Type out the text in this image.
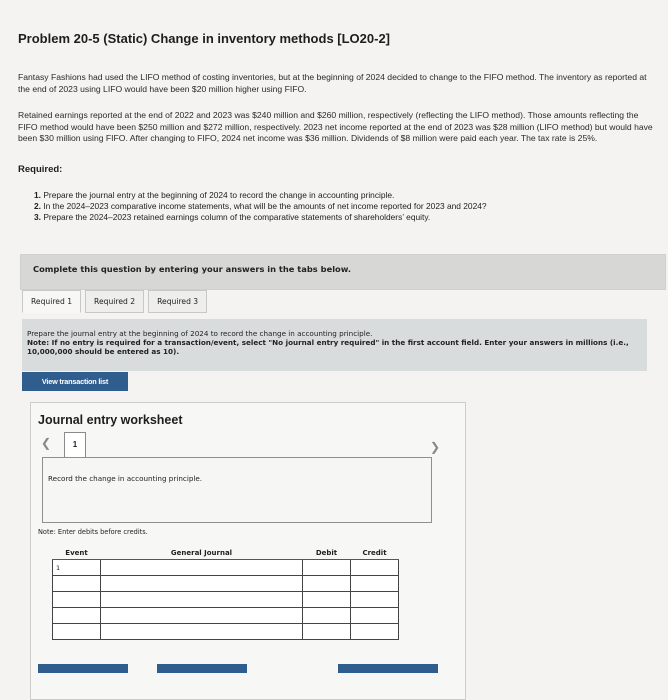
Problem 20-5 (Static) Change in inventory methods [LO20-2]

Fantasy Fashions had used the LIFO method of costing inventories, but at the beginning of 2024 decided to change to the FIFO method. The inventory as reported at the end of 2023 using LIFO would have been $20 million higher using FIFO.

Retained earnings reported at the end of 2022 and 2023 was $240 million and $260 million, respectively (reflecting the LIFO method). Those amounts reflecting the FIFO method would have been $250 million and $272 million, respectively. 2023 net income reported at the end of 2023 was $28 million (LIFO method) but would have been $30 million using FIFO. After changing to FIFO, 2024 net income was $36 million. Dividends of $8 million were paid each year. The tax rate is 25%.

Required:

1. Prepare the journal entry at the beginning of 2024 to record the change in accounting principle.
2. In the 2024–2023 comparative income statements, what will be the amounts of net income reported for 2023 and 2024?
3. Prepare the 2024–2023 retained earnings column of the comparative statements of shareholders’ equity.
Complete this question by entering your answers in the tabs below.
Required 1	Required 2	Required 3
Prepare the journal entry at the beginning of 2024 to record the change in accounting principle.
Note: If no entry is required for a transaction/event, select "No journal entry required" in the first account field. Enter your answers in millions (i.e., 10,000,000 should be entered as 10).
View transaction list
Journal entry worksheet
❮	1	❯

Record the change in accounting principle.

Note: Enter debits before credits.

Event	General Journal	Debit	Credit
1			
